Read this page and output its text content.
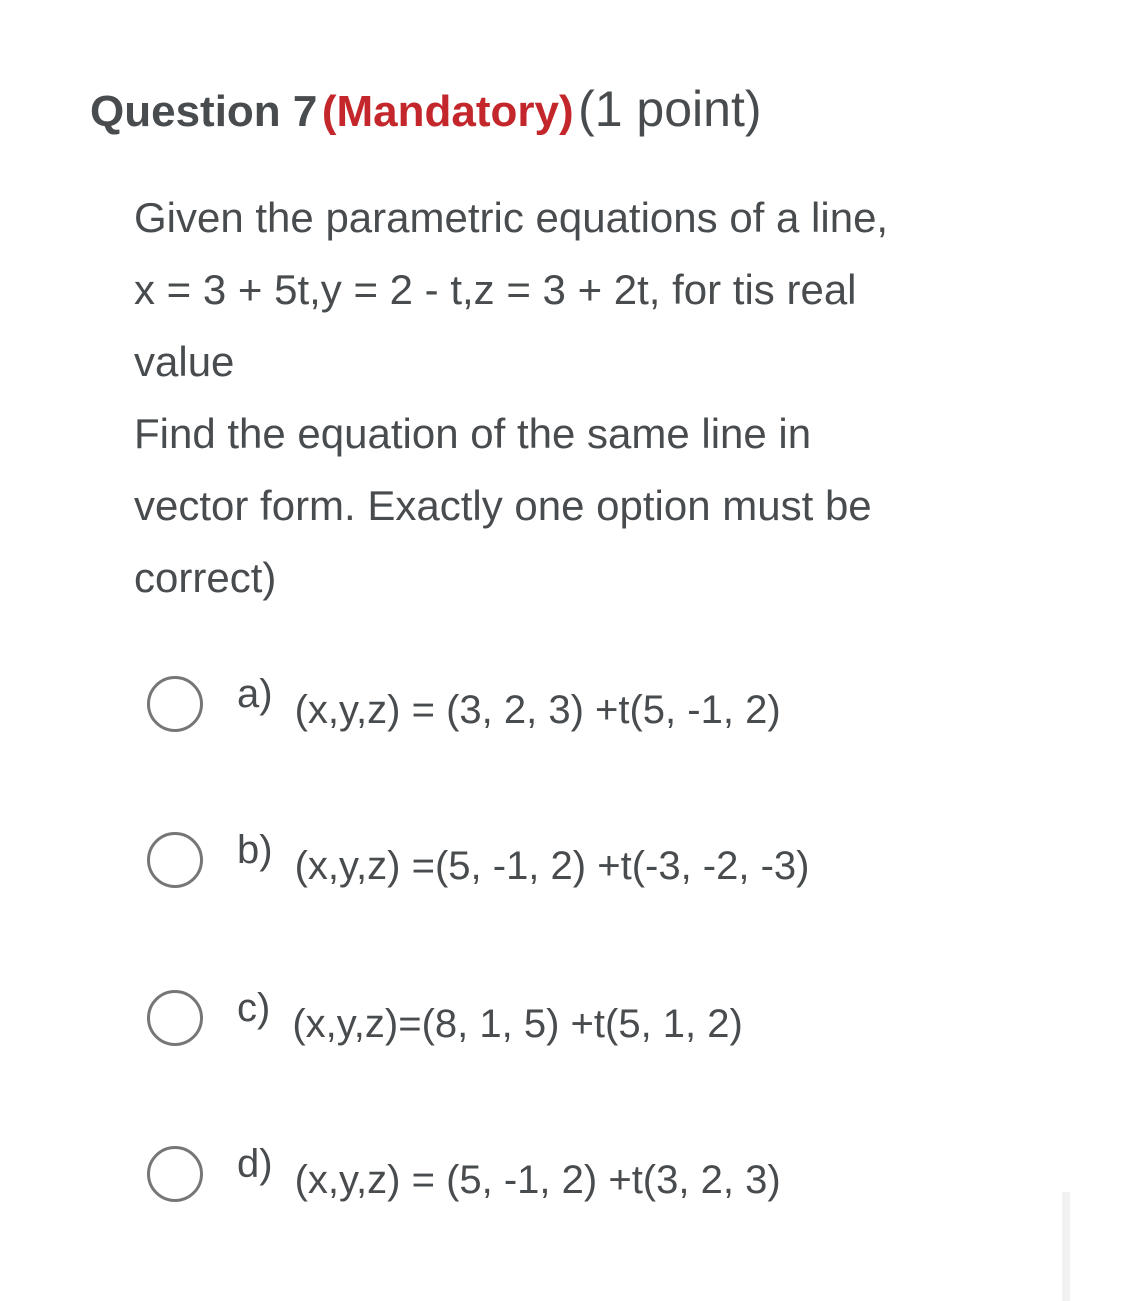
Question 7 (Mandatory) (1 point)
Given the parametric equations of a line,
x = 3 + 5t,y = 2 - t,z = 3 + 2t, for tis real
value
Find the equation of the same line in
vector form. Exactly one option must be
correct)
a) (x,y,z) = (3, 2, 3) +t(5, -1, 2)
b) (x,y,z) =(5, -1, 2) +t(-3, -2, -3)
c) (x,y,z)=(8, 1, 5) +t(5, 1, 2)
d) (x,y,z) = (5, -1, 2) +t(3, 2, 3)
